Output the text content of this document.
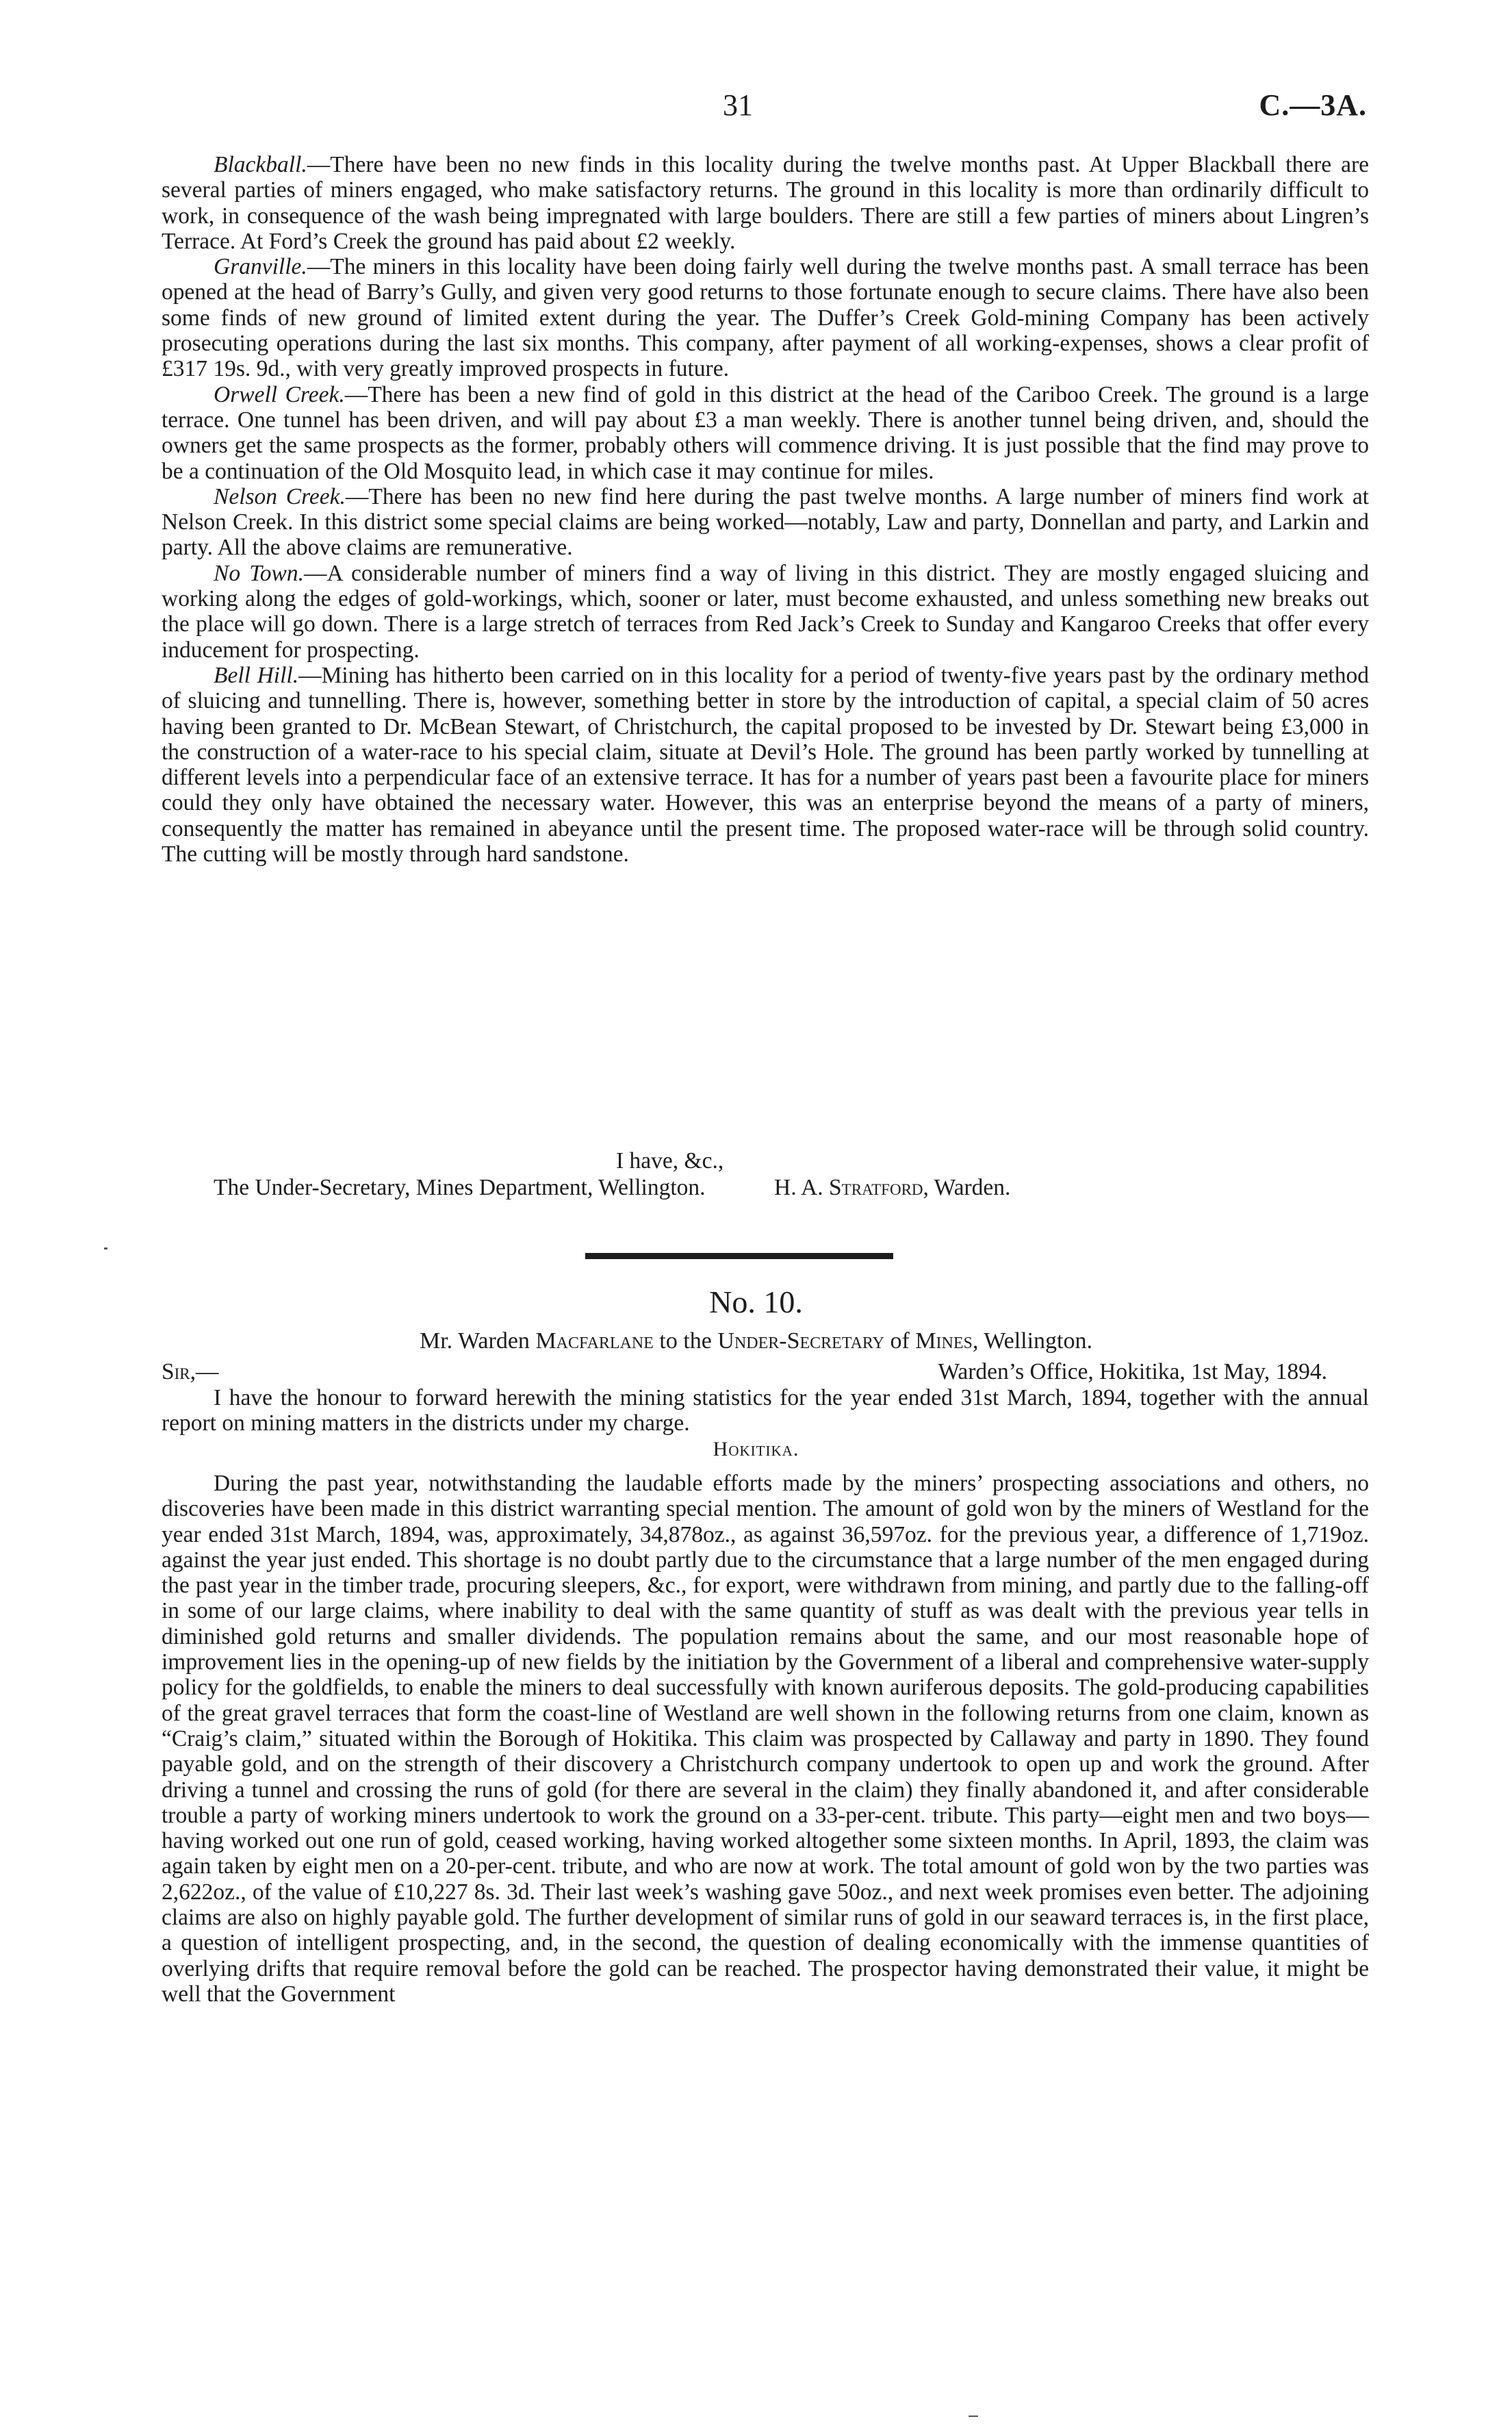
31	C.—3A.

Blackball.—There have been no new finds in this locality during the twelve months past. At Upper Blackball there are several parties of miners engaged, who make satisfactory returns. The ground in this locality is more than ordinarily difficult to work, in consequence of the wash being impregnated with large boulders. There are still a few parties of miners about Lingren’s Terrace. At Ford’s Creek the ground has paid about £2 weekly.

Granville.—The miners in this locality have been doing fairly well during the twelve months past. A small terrace has been opened at the head of Barry’s Gully, and given very good returns to those fortunate enough to secure claims. There have also been some finds of new ground of limited extent during the year. The Duffer’s Creek Gold-mining Company has been actively prosecuting operations during the last six months. This company, after payment of all working-expenses, shows a clear profit of £317 19s. 9d., with very greatly improved prospects in future.

Orwell Creek.—There has been a new find of gold in this district at the head of the Cariboo Creek. The ground is a large terrace. One tunnel has been driven, and will pay about £3 a man weekly. There is another tunnel being driven, and, should the owners get the same prospects as the former, probably others will commence driving. It is just possible that the find may prove to be a continuation of the Old Mosquito lead, in which case it may continue for miles.

Nelson Creek.—There has been no new find here during the past twelve months. A large number of miners find work at Nelson Creek. In this district some special claims are being worked—notably, Law and party, Donnellan and party, and Larkin and party. All the above claims are remunerative.

No Town.—A considerable number of miners find a way of living in this district. They are mostly engaged sluicing and working along the edges of gold-workings, which, sooner or later, must become exhausted, and unless something new breaks out the place will go down. There is a large stretch of terraces from Red Jack’s Creek to Sunday and Kangaroo Creeks that offer every inducement for prospecting.

Bell Hill.—Mining has hitherto been carried on in this locality for a period of twenty-five years past by the ordinary method of sluicing and tunnelling. There is, however, something better in store by the introduction of capital, a special claim of 50 acres having been granted to Dr. McBean Stewart, of Christchurch, the capital proposed to be invested by Dr. Stewart being £3,000 in the construction of a water-race to his special claim, situate at Devil’s Hole. The ground has been partly worked by tunnelling at different levels into a perpendicular face of an extensive terrace. It has for a number of years past been a favourite place for miners could they only have obtained the necessary water. However, this was an enterprise beyond the means of a party of miners, consequently the matter has remained in abeyance until the present time. The proposed water-race will be through solid country. The cutting will be mostly through hard sandstone.

I have, &c.,
The Under-Secretary, Mines Department, Wellington.	H. A. Stratford, Warden.
No. 10.
Mr. Warden Macfarlane to the Under-Secretary of Mines, Wellington.
Sir,—	Warden’s Office, Hokitika, 1st May, 1894.

I have the honour to forward herewith the mining statistics for the year ended 31st March, 1894, together with the annual report on mining matters in the districts under my charge.

Hokitika.

During the past year, notwithstanding the laudable efforts made by the miners’ prospecting associations and others, no discoveries have been made in this district warranting special mention. The amount of gold won by the miners of Westland for the year ended 31st March, 1894, was, approximately, 34,878oz., as against 36,597oz. for the previous year, a difference of 1,719oz. against the year just ended. This shortage is no doubt partly due to the circumstance that a large number of the men engaged during the past year in the timber trade, procuring sleepers, &c., for export, were withdrawn from mining, and partly due to the falling-off in some of our large claims, where inability to deal with the same quantity of stuff as was dealt with the previous year tells in diminished gold returns and smaller dividends. The population remains about the same, and our most reasonable hope of improvement lies in the opening-up of new fields by the initiation by the Government of a liberal and comprehensive water-supply policy for the goldfields, to enable the miners to deal successfully with known auriferous deposits. The gold-producing capabilities of the great gravel terraces that form the coast-line of Westland are well shown in the following returns from one claim, known as “Craig’s claim,” situated within the Borough of Hokitika. This claim was prospected by Callaway and party in 1890. They found payable gold, and on the strength of their discovery a Christchurch company undertook to open up and work the ground. After driving a tunnel and crossing the runs of gold (for there are several in the claim) they finally abandoned it, and after considerable trouble a party of working miners undertook to work the ground on a 33-per-cent. tribute. This party—eight men and two boys—having worked out one run of gold, ceased working, having worked altogether some sixteen months. In April, 1893, the claim was again taken by eight men on a 20-per-cent. tribute, and who are now at work. The total amount of gold won by the two parties was 2,622oz., of the value of £10,227 8s. 3d. Their last week’s washing gave 50oz., and next week promises even better. The adjoining claims are also on highly payable gold. The further development of similar runs of gold in our seaward terraces is, in the first place, a question of intelligent prospecting, and, in the second, the question of dealing economically with the immense quantities of overlying drifts that require removal before the gold can be reached. The prospector having demonstrated their value, it might be well that the Government
